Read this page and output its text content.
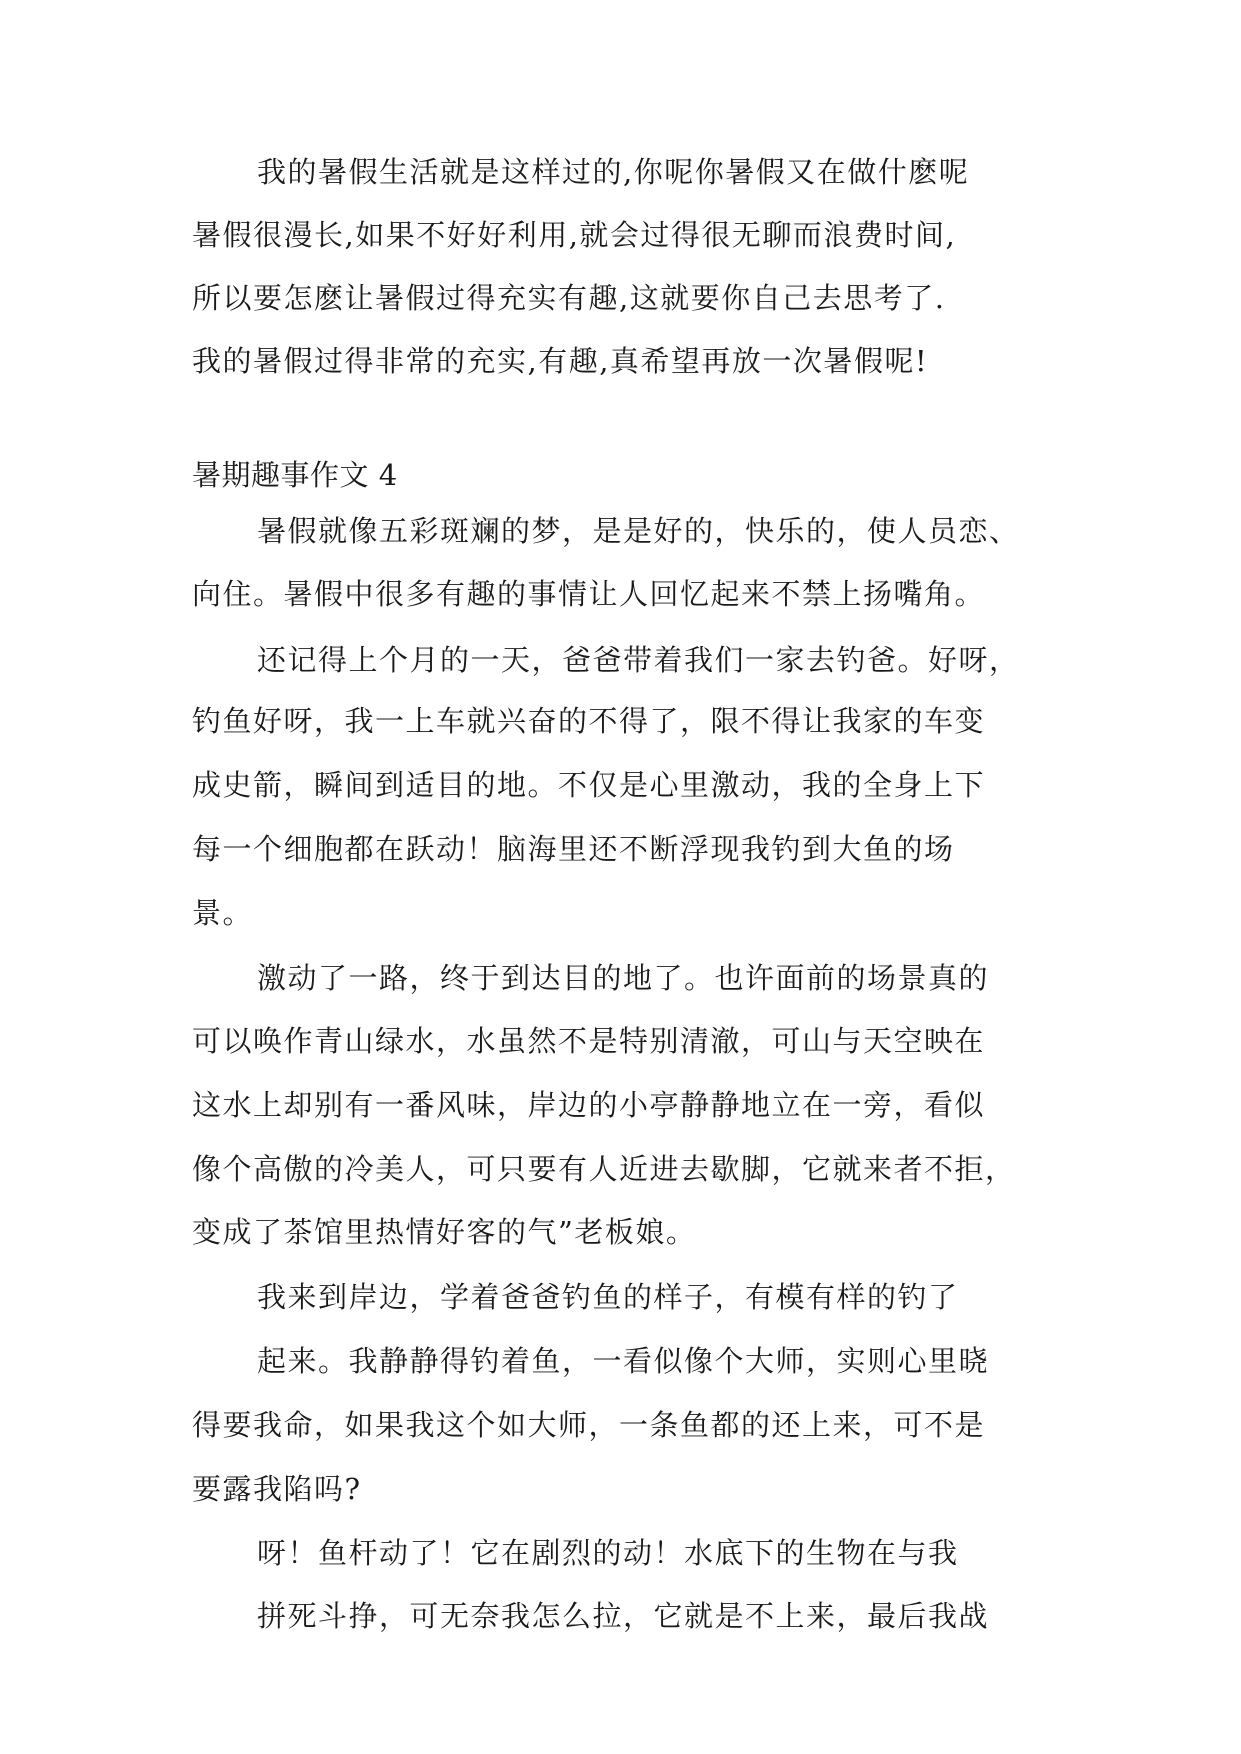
我的暑假生活就是这样过的,你呢你暑假又在做什麽呢
暑假很漫长,如果不好好利用,就会过得很无聊而浪费时间,
所以要怎麽让暑假过得充实有趣,这就要你自己去思考了.
我的暑假过得非常的充实,有趣,真希望再放一次暑假呢!
暑期趣事作文 4
暑假就像五彩斑斓的梦，是是好的，快乐的，使人员恋、
向住。暑假中很多有趣的事情让人回忆起来不禁上扬嘴角。
还记得上个月的一天，爸爸带着我们一家去钓爸。好呀，
钓鱼好呀，我一上车就兴奋的不得了，限不得让我家的车变
成史箭，瞬间到适目的地。不仅是心里激动，我的全身上下
每一个细胞都在跃动！脑海里还不断浮现我钓到大鱼的场
景。
激动了一路，终于到达目的地了。也许面前的场景真的
可以唤作青山绿水，水虽然不是特别清澈，可山与天空映在
这水上却别有一番风味，岸边的小亭静静地立在一旁，看似
像个高傲的冷美人，可只要有人近进去歇脚，它就来者不拒，
变成了茶馆里热情好客的气”老板娘。
我来到岸边，学着爸爸钓鱼的样子，有模有样的钓了
起来。我静静得钓着鱼，一看似像个大师，实则心里晓
得要我命，如果我这个如大师，一条鱼都的还上来，可不是
要露我陷吗?
呀！鱼杆动了！它在剧烈的动！水底下的生物在与我
拼死斗挣，可无奈我怎么拉，它就是不上来，最后我战
